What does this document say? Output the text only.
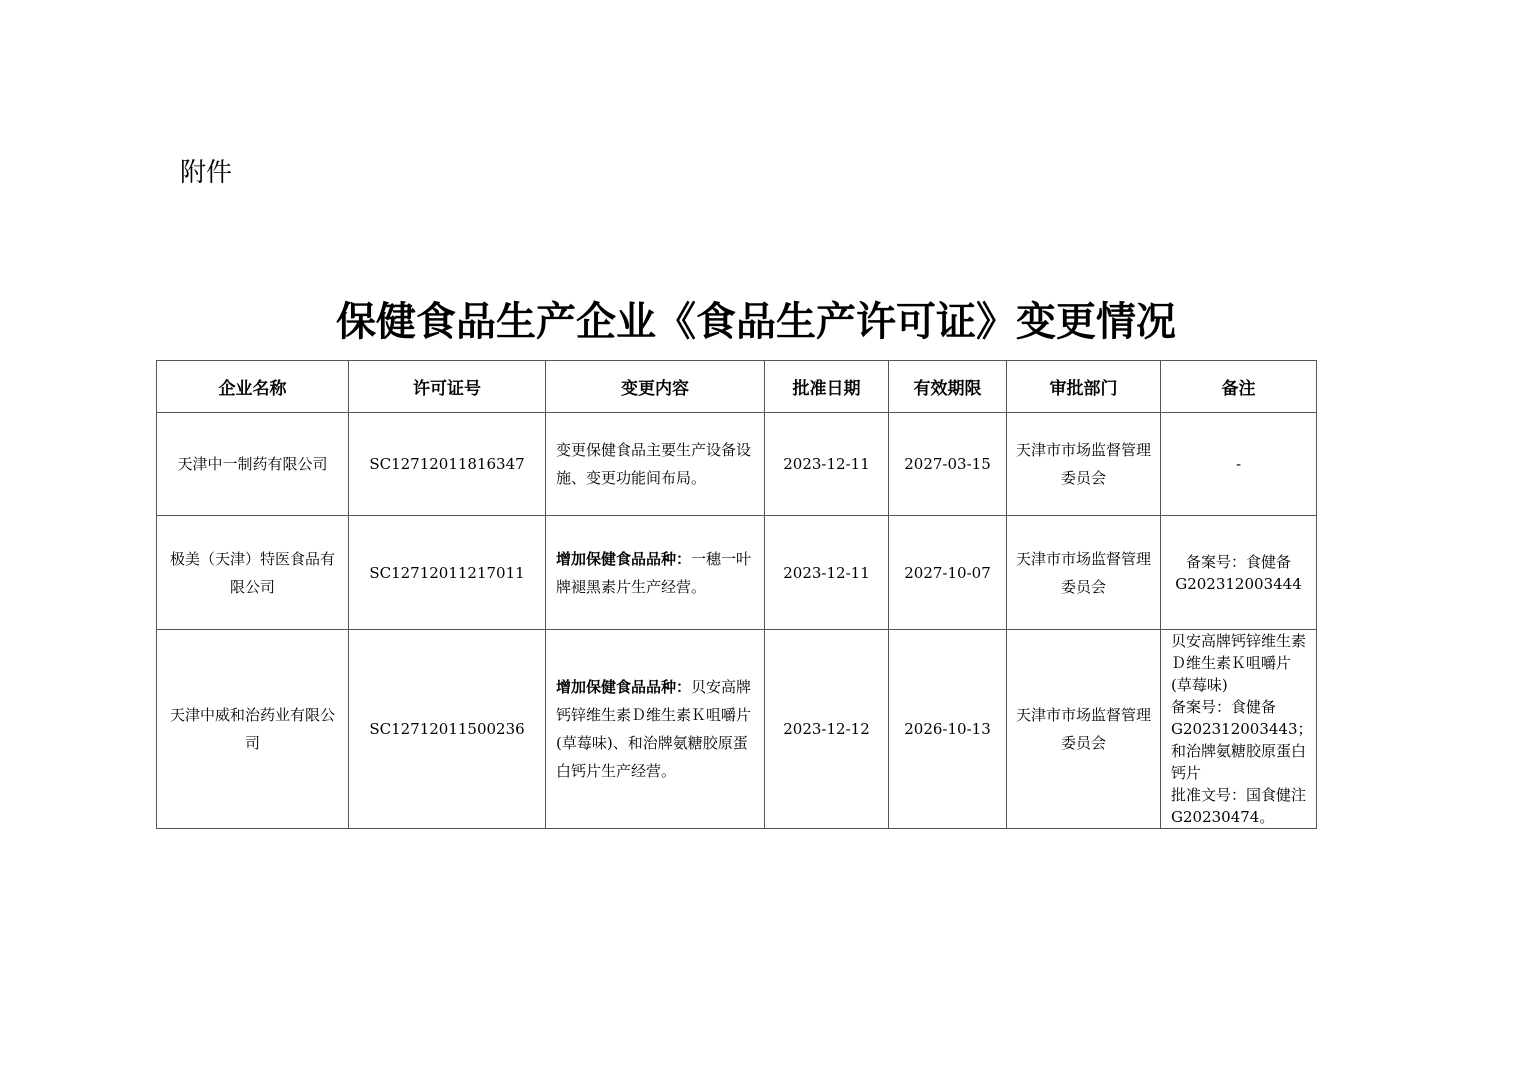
附件
保健食品生产企业《食品生产许可证》变更情况
企业名称	许可证号	变更内容	批准日期	有效期限	审批部门	备注
天津中一制药有限公司	SC12712011816347	变更保健食品主要生产设备设施、变更功能间布局。	2023-12-11	2027-03-15	天津市市场监督管理委员会	-

极美（天津）特医食品有限公司	SC12712011217011	增加保健食品品种：一穗一叶牌褪黑素片生产经营。	2023-12-11	2027-10-07	天津市市场监督管理委员会	备案号：食健备
G202312003444

天津中威和治药业有限公司	SC12712011500236	增加保健食品品种：贝安高牌钙锌维生素Ｄ维生素Ｋ咀嚼片(草莓味)、和治牌氨糖胶原蛋白钙片生产经营。	2023-12-12	2026-10-13	天津市市场监督管理委员会	贝安高牌钙锌维生素Ｄ维生素Ｋ咀嚼片(草莓味)
备案号：食健备G202312003443；
和治牌氨糖胶原蛋白钙片
批准文号：国食健注G20230474。
